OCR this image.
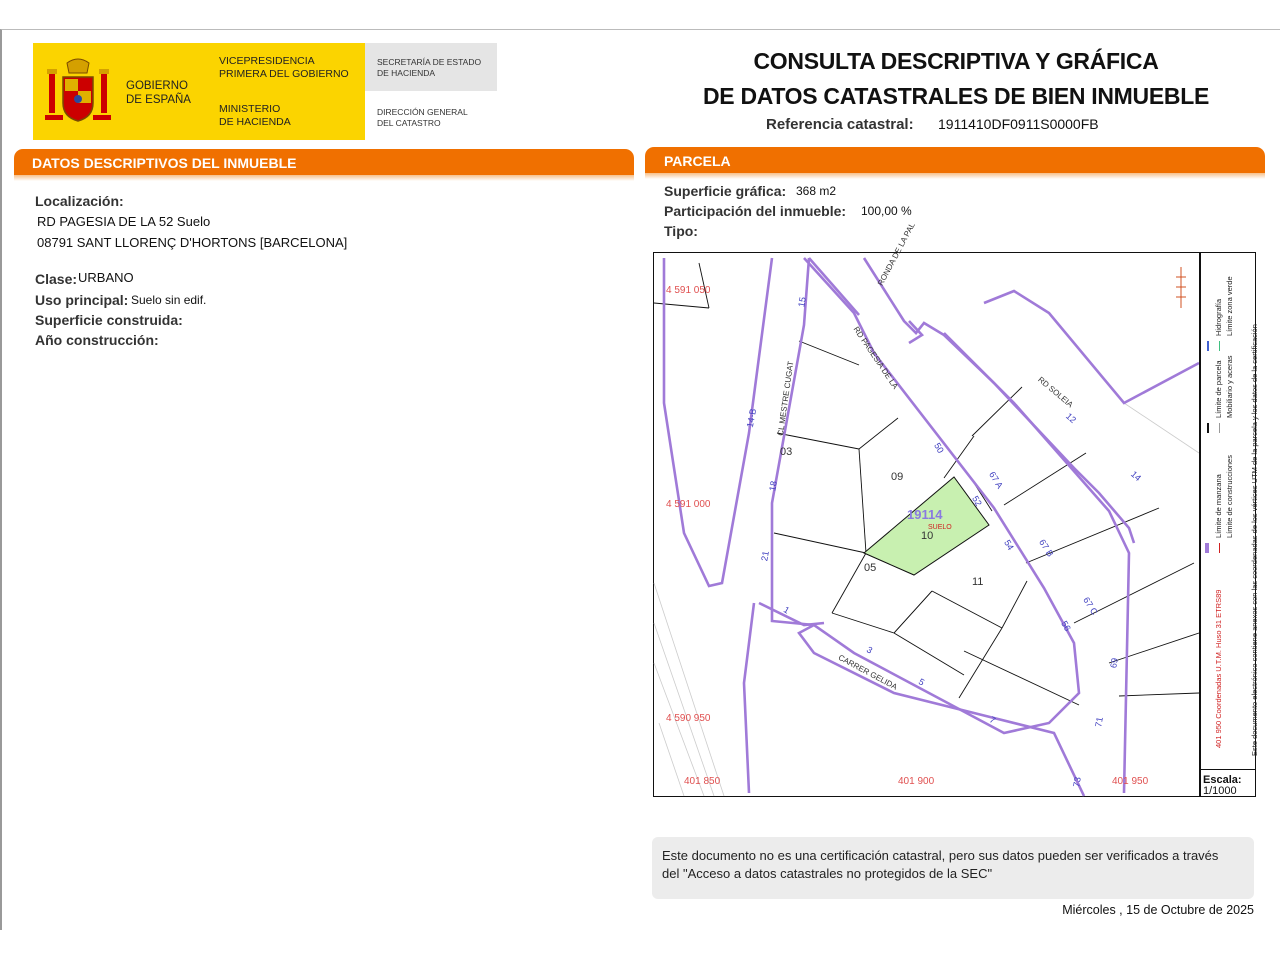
GOBIERNO
DE ESPAÑA
VICEPRESIDENCIA
PRIMERA DEL GOBIERNO
MINISTERIO
DE HACIENDA
SECRETARÍA DE ESTADO
DE HACIENDA
DIRECCIÓN GENERAL
DEL CATASTRO
CONSULTA DESCRIPTIVA Y GRÁFICA
DE DATOS CATASTRALES DE BIEN INMUEBLE
Referencia catastral: 1911410DF0911S0000FB
DATOS DESCRIPTIVOS DEL INMUEBLE
Localización:
RD PAGESIA DE LA 52 Suelo
08791 SANT LLORENÇ D'HORTONS [BARCELONA]
Clase: URBANO
Uso principal: Suelo sin edif.
Superficie construida:
Año construcción:
PARCELA
Superficie gráfica: 368 m2
Participación del inmueble: 100,00 %
Tipo:
4 591 050
4 591 000
4 590 950
401 850	401 900	401 950
RONDA DE LA PAL
RD PAGESIA DE LA
CL MESTRE CUGAT	RD SOLEIA
CARRER GELIDA
09
10
03
05
11
19114
SUELO
15
14-B
18
21
50
52
54
56
67 A
67 B
67 C
69
71
73
12
14
1
3
5
7	Este documento electrónico contiene anexos con las coordenadas de los vértices UTM de la parcela y los datos de la certificación
401 950 Coordenadas U.T.M. Huso 31 ETRS89
Límite de manzana Límite de construcciones
Límite de parcela Mobiliario y aceras
Hidrografía Límite zona verde
Escala:
1/1000

Este documento no es una certificación catastral, pero sus datos pueden ser verificados a través del "Acceso a datos catastrales no protegidos de la SEC"

Miércoles , 15 de Octubre de 2025
